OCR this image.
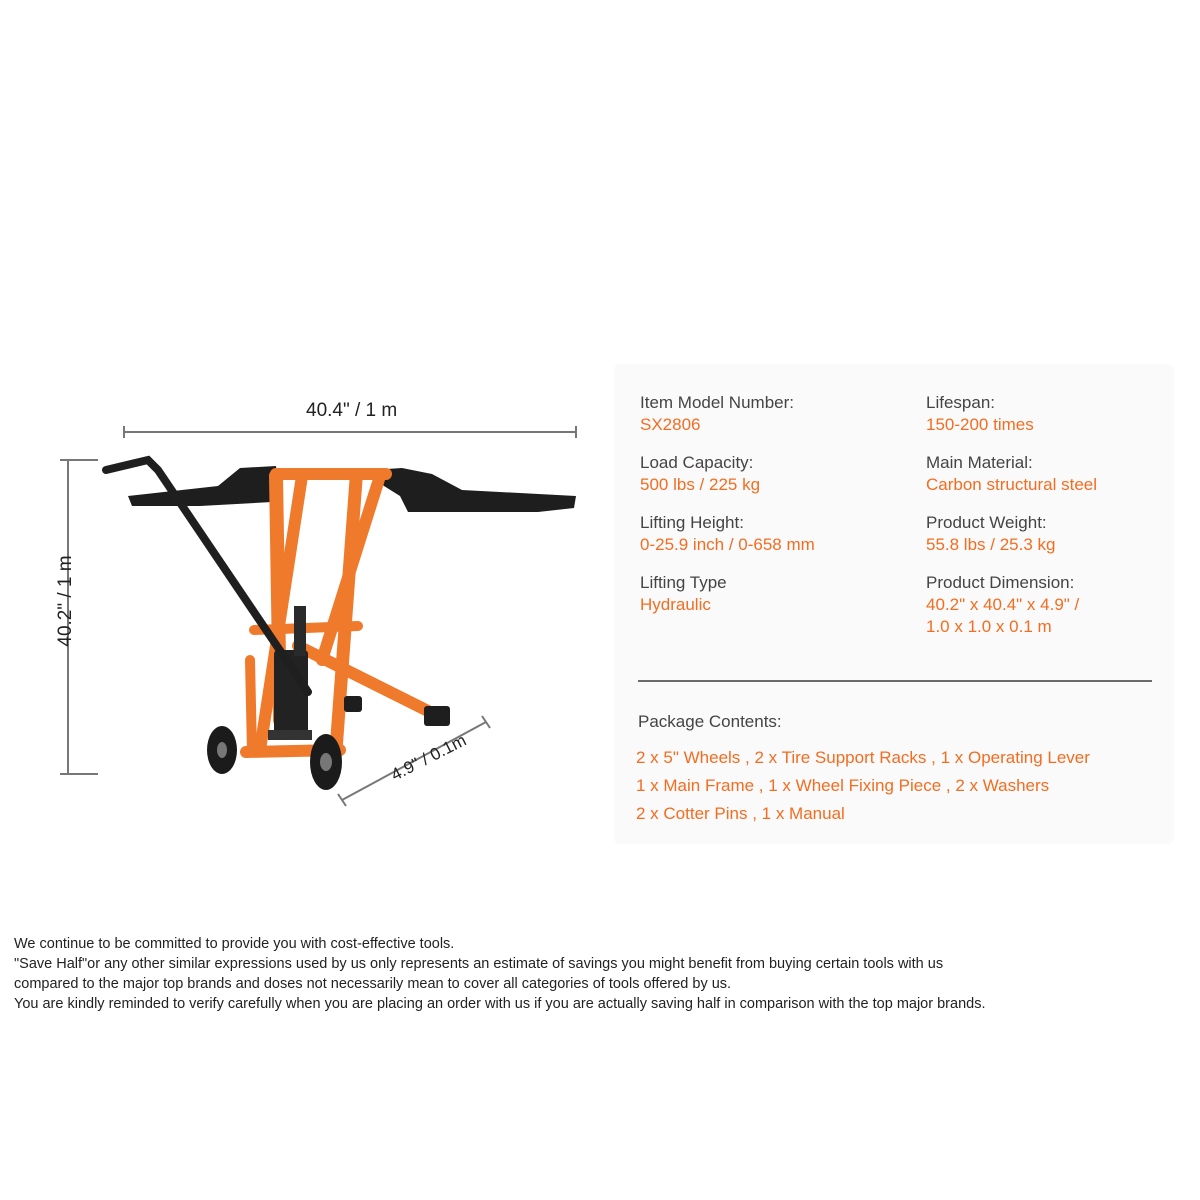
40.4" / 1 m
40.2" / 1 m
4.9" / 0.1m
Item Model Number:
SX2806
Lifespan:
150-200 times
Load Capacity:
500 lbs / 225 kg
Main Material:
Carbon structural steel
Lifting Height:
0-25.9 inch / 0-658 mm
Product Weight:
55.8 lbs / 25.3 kg
Lifting Type
Hydraulic
Product Dimension:
40.2" x 40.4" x 4.9" /
1.0 x 1.0 x 0.1 m
Package Contents:
2 x 5" Wheels , 2 x Tire Support Racks , 1 x Operating Lever
1 x Main Frame , 1 x Wheel Fixing Piece , 2 x Washers
2 x Cotter Pins , 1 x Manual

We continue to be committed to provide you with cost-effective tools.

"Save Half"or any other similar expressions used by us only represents an estimate of savings you might benefit from buying certain tools with us

compared to the major top brands and doses not necessarily mean to cover all categories of tools offered by us.

You are kindly reminded to verify carefully when you are placing an order with us if you are actually saving half in comparison with the top major brands.
